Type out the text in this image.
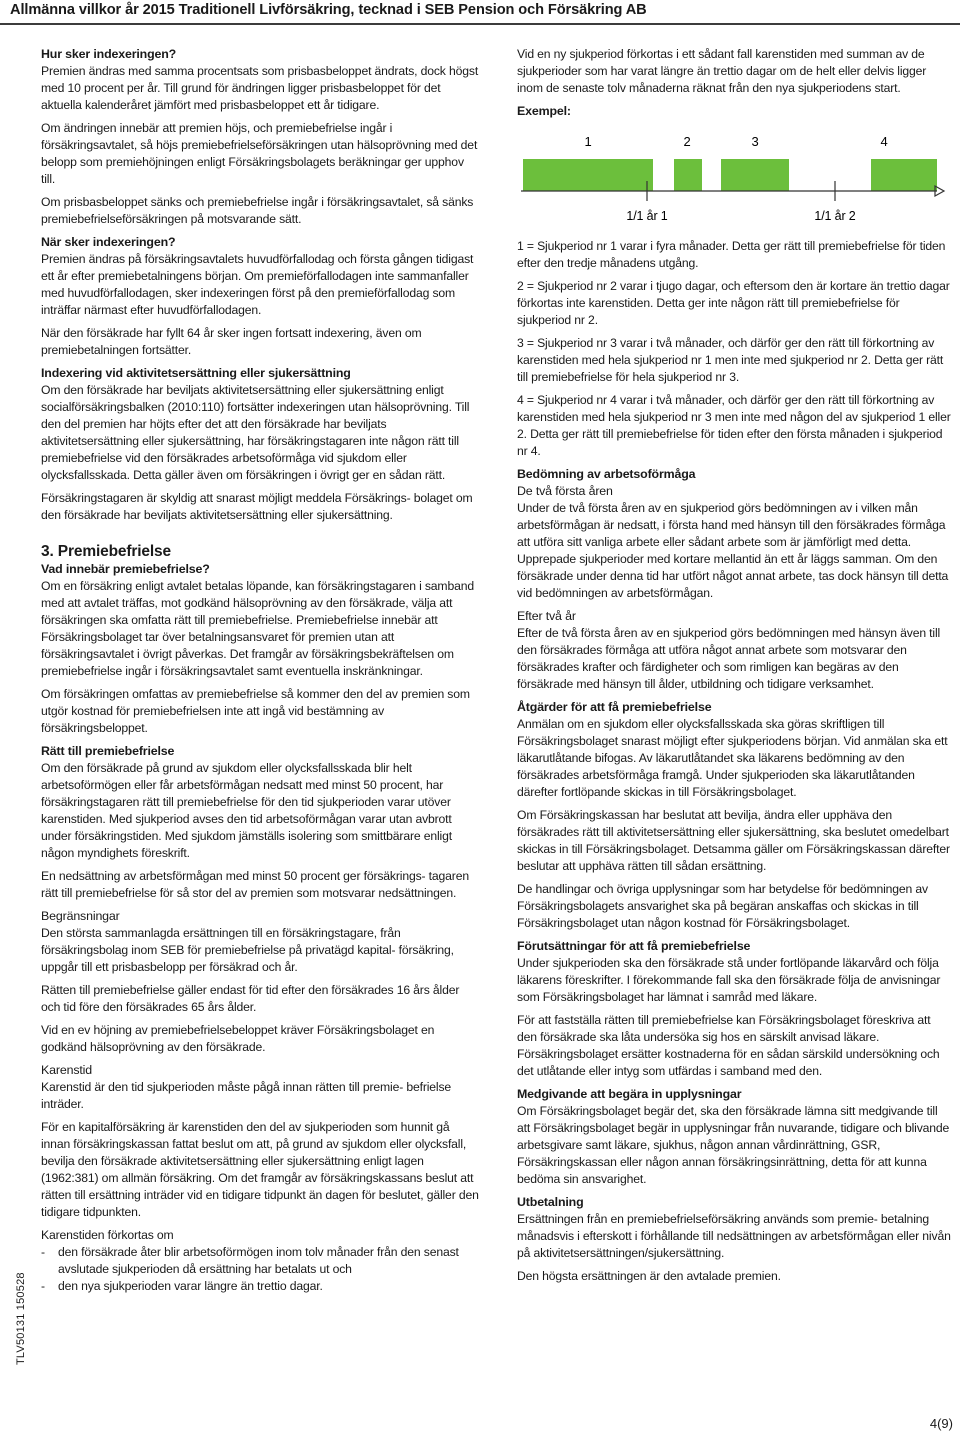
Allmänna villkor år 2015 Traditionell Livförsäkring, tecknad i SEB Pension och Försäkring AB
Hur sker indexeringen?

Premien ändras med samma procentsats som prisbasbeloppet ändrats, dock högst med 10 procent per år. Till grund för ändringen ligger prisbasbeloppet för det aktuella kalenderåret jämfört med prisbasbeloppet ett år tidigare.

Om ändringen innebär att premien höjs, och premiebefrielse ingår i försäkringsavtalet, så höjs premiebefrielseförsäkringen utan hälsoprövning med det belopp som premiehöjningen enligt Försäkringsbolagets beräkningar ger upphov till.

Om prisbasbeloppet sänks och premiebefrielse ingår i försäkringsavtalet, så sänks premiebefrielseförsäkringen på motsvarande sätt.

När sker indexeringen?

Premien ändras på försäkringsavtalets huvudförfallodag och första gången tidigast ett år efter premiebetalningens början. Om premieförfallodagen inte sammanfaller med huvudförfallodagen, sker indexeringen först på den premieförfallodag som inträffar närmast efter huvudförfallodagen.

När den försäkrade har fyllt 64 år sker ingen fortsatt indexering, även om premiebetalningen fortsätter.

Indexering vid aktivitetsersättning eller sjukersättning

Om den försäkrade har beviljats aktivitetsersättning eller sjukersättning enligt socialförsäkringsbalken (2010:110) fortsätter indexeringen utan hälsoprövning. Till den del premien har höjts efter det att den försäkrade har beviljats aktivitetsersättning eller sjukersättning, har försäkringstagaren inte någon rätt till premiebefrielse vid den försäkrades arbetsoförmåga vid sjukdom eller olycksfallsskada. Detta gäller även om försäkringen i övrigt ger en sådan rätt.

Försäkringstagaren är skyldig att snarast möjligt meddela Försäkrings- bolaget om den försäkrade har beviljats aktivitetsersättning eller sjukersättning.

3. Premiebefrielse
Vad innebär premiebefrielse?

Om en försäkring enligt avtalet betalas löpande, kan försäkringstagaren i samband med att avtalet träffas, mot godkänd hälsoprövning av den försäkrade, välja att försäkringen ska omfatta rätt till premiebefrielse. Premiebefrielse innebär att Försäkringsbolaget tar över betalningsansvaret för premien utan att försäkringsavtalet i övrigt påverkas. Det framgår av försäkringsbekräftelsen om premiebefrielse ingår i försäkringsavtalet samt eventuella inskränkningar.

Om försäkringen omfattas av premiebefrielse så kommer den del av premien som utgör kostnad för premiebefrielsen inte att ingå vid bestämning av försäkringsbeloppet.

Rätt till premiebefrielse

Om den försäkrade på grund av sjukdom eller olycksfallsskada blir helt arbetsoförmögen eller får arbetsförmågan nedsatt med minst 50 procent, har försäkringstagaren rätt till premiebefrielse för den tid sjukperioden varar utöver karenstiden. Med sjukperiod avses den tid arbetsoförmågan varar utan avbrott under försäkringstiden. Med sjukdom jämställs isolering som smittbärare enligt någon myndighets föreskrift.

En nedsättning av arbetsförmågan med minst 50 procent ger försäkrings- tagaren rätt till premiebefrielse för så stor del av premien som motsvarar nedsättningen.

Begränsningar

Den största sammanlagda ersättningen till en försäkringstagare, från försäkringsbolag inom SEB för premiebefrielse på privatägd kapital- försäkring, uppgår till ett prisbasbelopp per försäkrad och år.

Rätten till premiebefrielse gäller endast för tid efter den försäkrades 16 års ålder och tid före den försäkrades 65 års ålder.

Vid en ev höjning av premiebefrielsebeloppet kräver Försäkringsbolaget en godkänd hälsoprövning av den försäkrade.

Karenstid

Karenstid är den tid sjukperioden måste pågå innan rätten till premie- befrielse inträder.

För en kapitalförsäkring är karenstiden den del av sjukperioden som hunnit gå innan försäkringskassan fattat beslut om att, på grund av sjukdom eller olycksfall, bevilja den försäkrade aktivitetsersättning eller sjukersättning enligt lagen (1962:381) om allmän försäkring. Om det framgår av försäkringskassans beslut att rätten till ersättning inträder vid en tidigare tidpunkt än dagen för beslutet, gäller den tidigare tidpunkten.

Karenstiden förkortas om

- den försäkrade åter blir arbetsoförmögen inom tolv månader från den senast avslutade sjukperioden då ersättning har betalats ut och
- den nya sjukperioden varar längre än trettio dagar.

Vid en ny sjukperiod förkortas i ett sådant fall karenstiden med summan av de sjukperioder som har varat längre än trettio dagar om de helt eller delvis ligger inom de senaste tolv månaderna räknat från den nya sjukperiodens start.

Exempel:
1	2	3	4
1/1 år 1	1/1 år 2

1 = Sjukperiod nr 1 varar i fyra månader. Detta ger rätt till premiebefrielse för tiden efter den tredje månadens utgång.

2 = Sjukperiod nr 2 varar i tjugo dagar, och eftersom den är kortare än trettio dagar förkortas inte karenstiden. Detta ger inte någon rätt till premiebefrielse för sjukperiod nr 2.

3 = Sjukperiod nr 3 varar i två månader, och därför ger den rätt till förkortning av karenstiden med hela sjukperiod nr 1 men inte med sjukperiod nr 2. Detta ger rätt till premiebefrielse för hela sjukperiod nr 3.

4 = Sjukperiod nr 4 varar i två månader, och därför ger den rätt till förkortning av karenstiden med hela sjukperiod nr 3 men inte med någon del av sjukperiod 1 eller 2. Detta ger rätt till premiebefrielse för tiden efter den första månaden i sjukperiod nr 4.

Bedömning av arbetsoförmåga
De två första åren

Under de två första åren av en sjukperiod görs bedömningen av i vilken mån arbetsförmågan är nedsatt, i första hand med hänsyn till den försäkrades förmåga att utföra sitt vanliga arbete eller sådant arbete som är jämförligt med detta. Upprepade sjukperioder med kortare mellantid än ett år läggs samman. Om den försäkrade under denna tid har utfört något annat arbete, tas dock hänsyn till detta vid bedömningen av arbetsförmågan.

Efter två år

Efter de två första åren av en sjukperiod görs bedömningen med hänsyn även till den försäkrades förmåga att utföra något annat arbete som motsvarar den försäkrades krafter och färdigheter och som rimligen kan begäras av den försäkrade med hänsyn till ålder, utbildning och tidigare verksamhet.

Åtgärder för att få premiebefrielse

Anmälan om en sjukdom eller olycksfallsskada ska göras skriftligen till Försäkringsbolaget snarast möjligt efter sjukperiodens början. Vid anmälan ska ett läkarutlåtande bifogas. Av läkarutlåtandet ska läkarens bedömning av den försäkrades arbetsförmåga framgå. Under sjukperioden ska läkarutlåtanden därefter fortlöpande skickas in till Försäkringsbolaget.

Om Försäkringskassan har beslutat att bevilja, ändra eller upphäva den försäkrades rätt till aktivitetsersättning eller sjukersättning, ska beslutet omedelbart skickas in till Försäkringsbolaget. Detsamma gäller om Försäkringskassan därefter beslutar att upphäva rätten till sådan ersättning.

De handlingar och övriga upplysningar som har betydelse för bedömningen av Försäkringsbolagets ansvarighet ska på begäran anskaffas och skickas in till Försäkringsbolaget utan någon kostnad för Försäkringsbolaget.

Förutsättningar för att få premiebefrielse

Under sjukperioden ska den försäkrade stå under fortlöpande läkarvård och följa läkarens föreskrifter. I förekommande fall ska den försäkrade följa de anvisningar som Försäkringsbolaget har lämnat i samråd med läkare.

För att fastställa rätten till premiebefrielse kan Försäkringsbolaget föreskriva att den försäkrade ska låta undersöka sig hos en särskilt anvisad läkare. Försäkringsbolaget ersätter kostnaderna för en sådan särskild undersökning och det utlåtande eller intyg som utfärdas i samband med den.

Medgivande att begära in upplysningar

Om Försäkringsbolaget begär det, ska den försäkrade lämna sitt medgivande till att Försäkringsbolaget begär in upplysningar från nuvarande, tidigare och blivande arbetsgivare samt läkare, sjukhus, någon annan vårdinrättning, GSR, Försäkringskassan eller någon annan försäkringsinrättning, detta för att kunna bedöma sin ansvarighet.

Utbetalning

Ersättningen från en premiebefrielseförsäkring används som premie- betalning månadsvis i efterskott i förhållande till nedsättningen av arbetsförmågan eller nivån på aktivitetsersättningen/sjukersättning.

Den högsta ersättningen är den avtalade premien.

TLV50131 150528
4(9)
